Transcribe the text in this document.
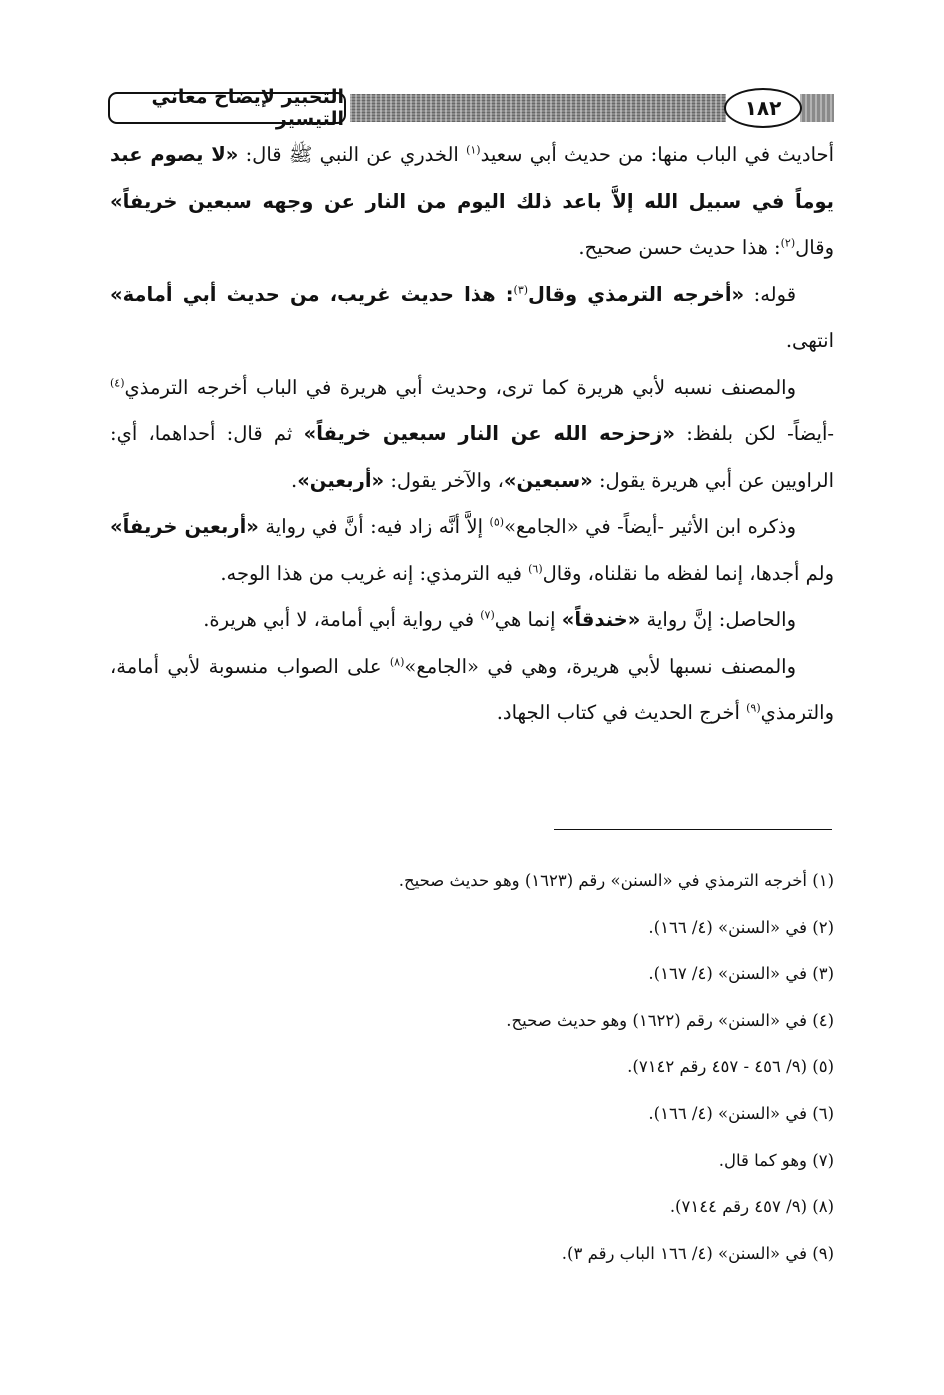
التحبير لإيضاح معاني التيسير	١٨٢

أحاديث في الباب منها: من حديث أبي سعيد$^{(١)}$ الخدري عن النبي ﷺ قال: «لا يصوم عبد يوماً في سبيل الله إلاَّ باعد ذلك اليوم من النار عن وجهه سبعين خريفاً» وقال$^{(٢)}$: هذا حديث حسن صحيح.

قوله: «أخرجه الترمذي وقال$^{(٣)}$: هذا حديث غريب، من حديث أبي أمامة» انتهى.

والمصنف نسبه لأبي هريرة كما ترى، وحديث أبي هريرة في الباب أخرجه الترمذي$^{(٤)}$ -أيضاً- لكن بلفظ: «زحزحه الله عن النار سبعين خريفاً» ثم قال: أحداهما، أي: الراويين عن أبي هريرة يقول: «سبعين»، والآخر يقول: «أربعين».

وذكره ابن الأثير -أيضاً- في «الجامع»$^{(٥)}$ إلاَّ أنَّه زاد فيه: أنَّ في رواية «أربعين خريفاً» ولم أجدها، إنما لفظه ما نقلناه، وقال$^{(٦)}$ فيه الترمذي: إنه غريب من هذا الوجه.

والحاصل: إنَّ رواية «خندقاً» إنما هي$^{(٧)}$ في رواية أبي أمامة، لا أبي هريرة.

والمصنف نسبها لأبي هريرة، وهي في «الجامع»$^{(٨)}$ على الصواب منسوبة لأبي أمامة، والترمذي$^{(٩)}$ أخرج الحديث في كتاب الجهاد.

(١) أخرجه الترمذي في «السنن» رقم (١٦٢٣) وهو حديث صحيح.
(٢) في «السنن» (٤/ ١٦٦).
(٣) في «السنن» (٤/ ١٦٧).
(٤) في «السنن» رقم (١٦٢٢) وهو حديث صحيح.
(٥) (٩/ ٤٥٦ - ٤٥٧ رقم ٧١٤٢).
(٦) في «السنن» (٤/ ١٦٦).
(٧) وهو كما قال.
(٨) (٩/ ٤٥٧ رقم ٧١٤٤).
(٩) في «السنن» (٤/ ١٦٦ الباب رقم ٣).
